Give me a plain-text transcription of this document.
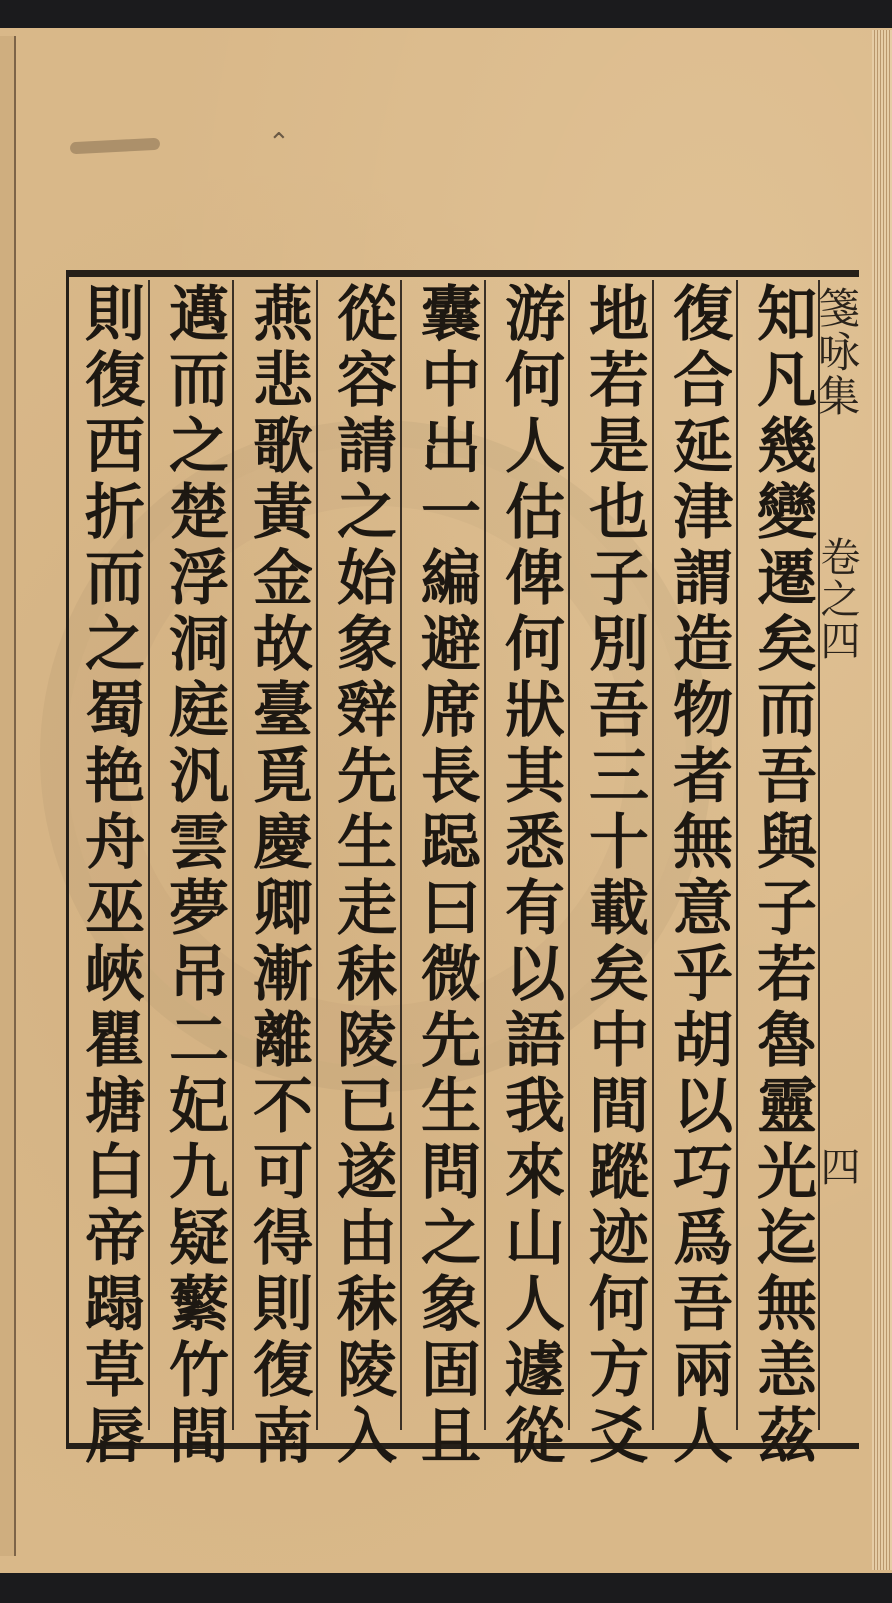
⌃
知凡幾變遷矣而吾與子若魯靈光迄無恙茲
復合延津謂造物者無意乎胡以巧爲吾兩人
地若是也子別吾三十載矣中間蹤迹何方爻
游何人估俾何狀其悉有以語我來山人遽從
囊中出一編避席長跽曰微先生問之象固且
從容請之始象辤先生走秣陵已遂由秣陵入
燕悲歌黃金故臺覓慶卿漸離不可得則復南
邁而之楚浮洞庭汎雲夢吊二妃九疑蘩竹間
則復西折而之蜀艳舟巫峽瞿塘白帝蹋草唇	箋咏集
卷之四
四
